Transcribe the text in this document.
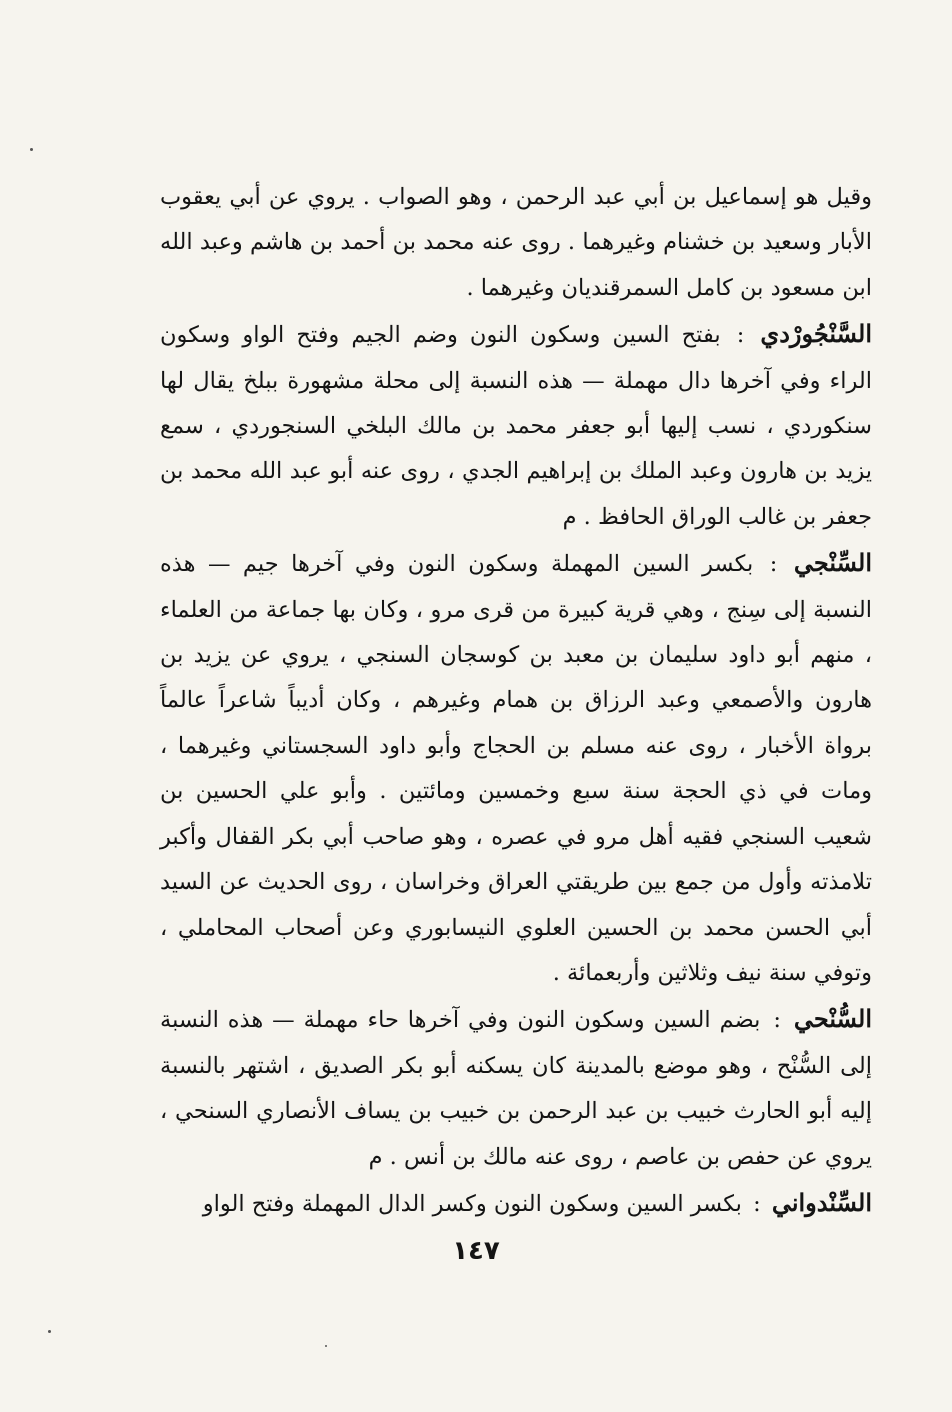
وقيل هو إسماعيل بن أبي عبد الرحمن ، وهو الصواب . يروي عن أبي يعقوب الأبار وسعيد بن خشنام وغيرهما . روى عنه محمد بن أحمد بن هاشم وعبد الله ابن مسعود بن كامل السمرقنديان وغيرهما .

السَّنْجُورْدي : بفتح السين وسكون النون وضم الجيم وفتح الواو وسكون الراء وفي آخرها دال مهملة — هذه النسبة إلى محلة مشهورة ببلخ يقال لها سنكوردي ، نسب إليها أبو جعفر محمد بن مالك البلخي السنجوردي ، سمع يزيد بن هارون وعبد الملك بن إبراهيم الجدي ، روى عنه أبو عبد الله محمد بن جعفر بن غالب الوراق الحافظ . م

السِّنْجي : بكسر السين المهملة وسكون النون وفي آخرها جيم — هذه النسبة إلى سِنج ، وهي قرية كبيرة من قرى مرو ، وكان بها جماعة من العلماء ، منهم أبو داود سليمان بن معبد بن كوسجان السنجي ، يروي عن يزيد بن هارون والأصمعي وعبد الرزاق بن همام وغيرهم ، وكان أديباً شاعراً عالماً برواة الأخبار ، روى عنه مسلم بن الحجاج وأبو داود السجستاني وغيرهما ، ومات في ذي الحجة سنة سبع وخمسين ومائتين . وأبو علي الحسين بن شعيب السنجي فقيه أهل مرو في عصره ، وهو صاحب أبي بكر القفال وأكبر تلامذته وأول من جمع بين طريقتي العراق وخراسان ، روى الحديث عن السيد أبي الحسن محمد بن الحسين العلوي النيسابوري وعن أصحاب المحاملي ، وتوفي سنة نيف وثلاثين وأربعمائة .

السُّنْحي : بضم السين وسكون النون وفي آخرها حاء مهملة — هذه النسبة إلى السُّنْح ، وهو موضع بالمدينة كان يسكنه أبو بكر الصديق ، اشتهر بالنسبة إليه أبو الحارث خبيب بن عبد الرحمن بن خبيب بن يساف الأنصاري السنحي ، يروي عن حفص بن عاصم ، روى عنه مالك بن أنس . م

السِّنْدواني : بكسر السين وسكون النون وكسر الدال المهملة وفتح الواو

١٤٧
